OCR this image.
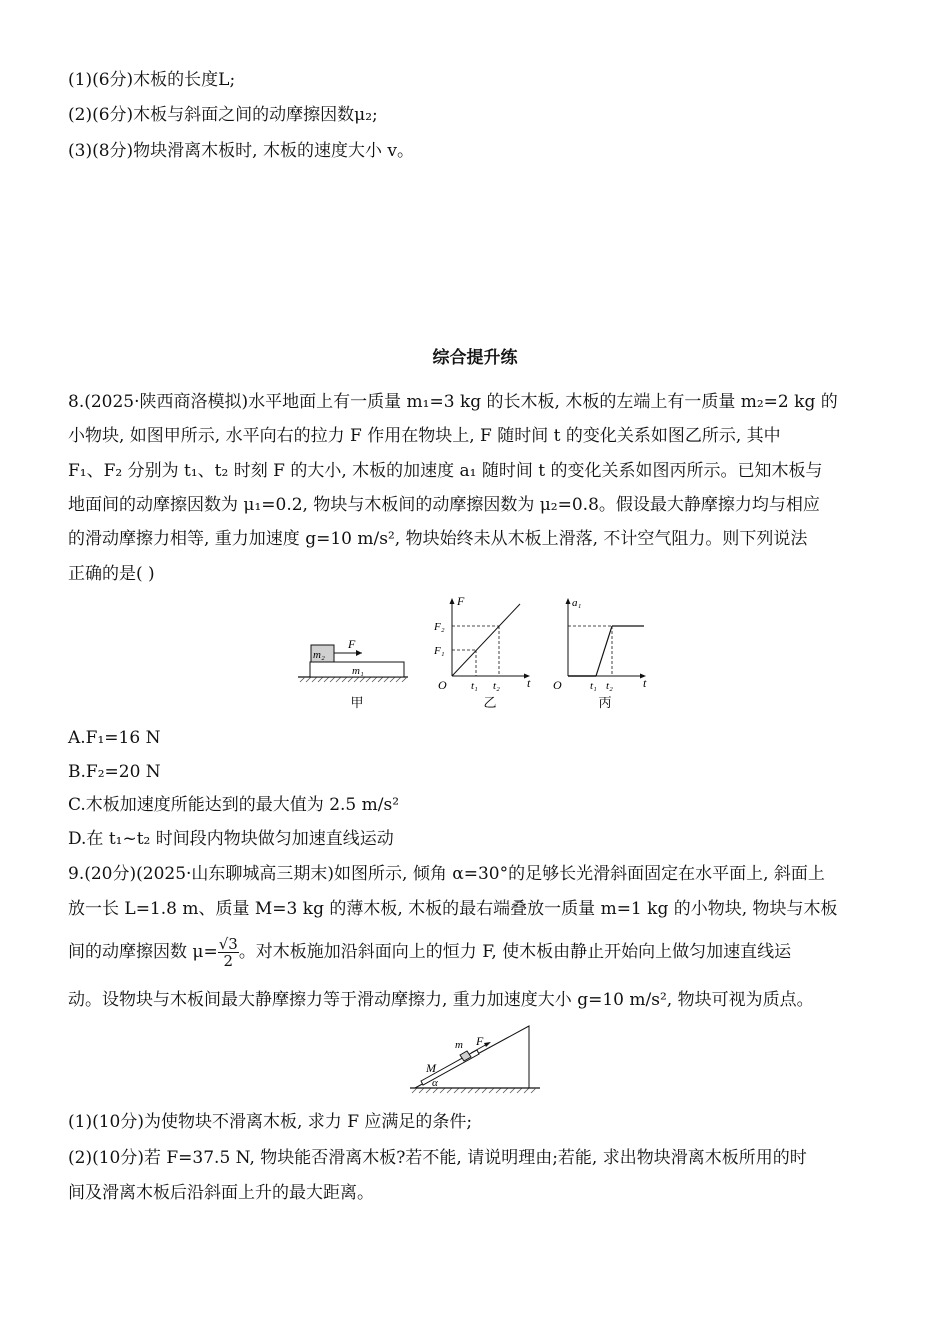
(1)(6分)木板的长度L;
(2)(6分)木板与斜面之间的动摩擦因数μ₂;
(3)(8分)物块滑离木板时, 木板的速度大小 v。
综合提升练
8.(2025·陕西商洛模拟)水平地面上有一质量 m₁=3 kg 的长木板, 木板的左端上有一质量 m₂=2 kg 的
小物块, 如图甲所示, 水平向右的拉力 F 作用在物块上, F 随时间 t 的变化关系如图乙所示, 其中
F₁、F₂ 分别为 t₁、t₂ 时刻 F 的大小, 木板的加速度 a₁ 随时间 t 的变化关系如图丙所示。已知木板与
地面间的动摩擦因数为 μ₁=0.2, 物块与木板间的动摩擦因数为 μ₂=0.8。假设最大静摩擦力均与相应
的滑动摩擦力相等, 重力加速度 g=10 m/s², 物块始终未从木板上滑落, 不计空气阻力。则下列说法
正确的是( )
m₂
m₁
F
甲
F
F₂
F₁
O t₁ t₂ t
乙
a₁
O	t₁ t₂	t
丙
A.F₁=16 N
B.F₂=20 N
C.木板加速度所能达到的最大值为 2.5 m/s²
D.在 t₁~t₂ 时间段内物块做匀加速直线运动
9.(20分)(2025·山东聊城高三期末)如图所示, 倾角 α=30°的足够长光滑斜面固定在水平面上, 斜面上
放一长 L=1.8 m、质量 M=3 kg 的薄木板, 木板的最右端叠放一质量 m=1 kg 的小物块, 物块与木板
间的动摩擦因数 $\mu= \frac{√3}{2}$ 。对木板施加沿斜面向上的恒力 F, 使木板由静止开始向上做匀加速直线运
动。设物块与木板间最大静摩擦力等于滑动摩擦力, 重力加速度大小 g=10 m/s², 物块可视为质点。
m F
M
α
(1)(10分)为使物块不滑离木板, 求力 F 应满足的条件;
(2)(10分)若 F=37.5 N, 物块能否滑离木板?若不能, 请说明理由;若能, 求出物块滑离木板所用的时
间及滑离木板后沿斜面上升的最大距离。
